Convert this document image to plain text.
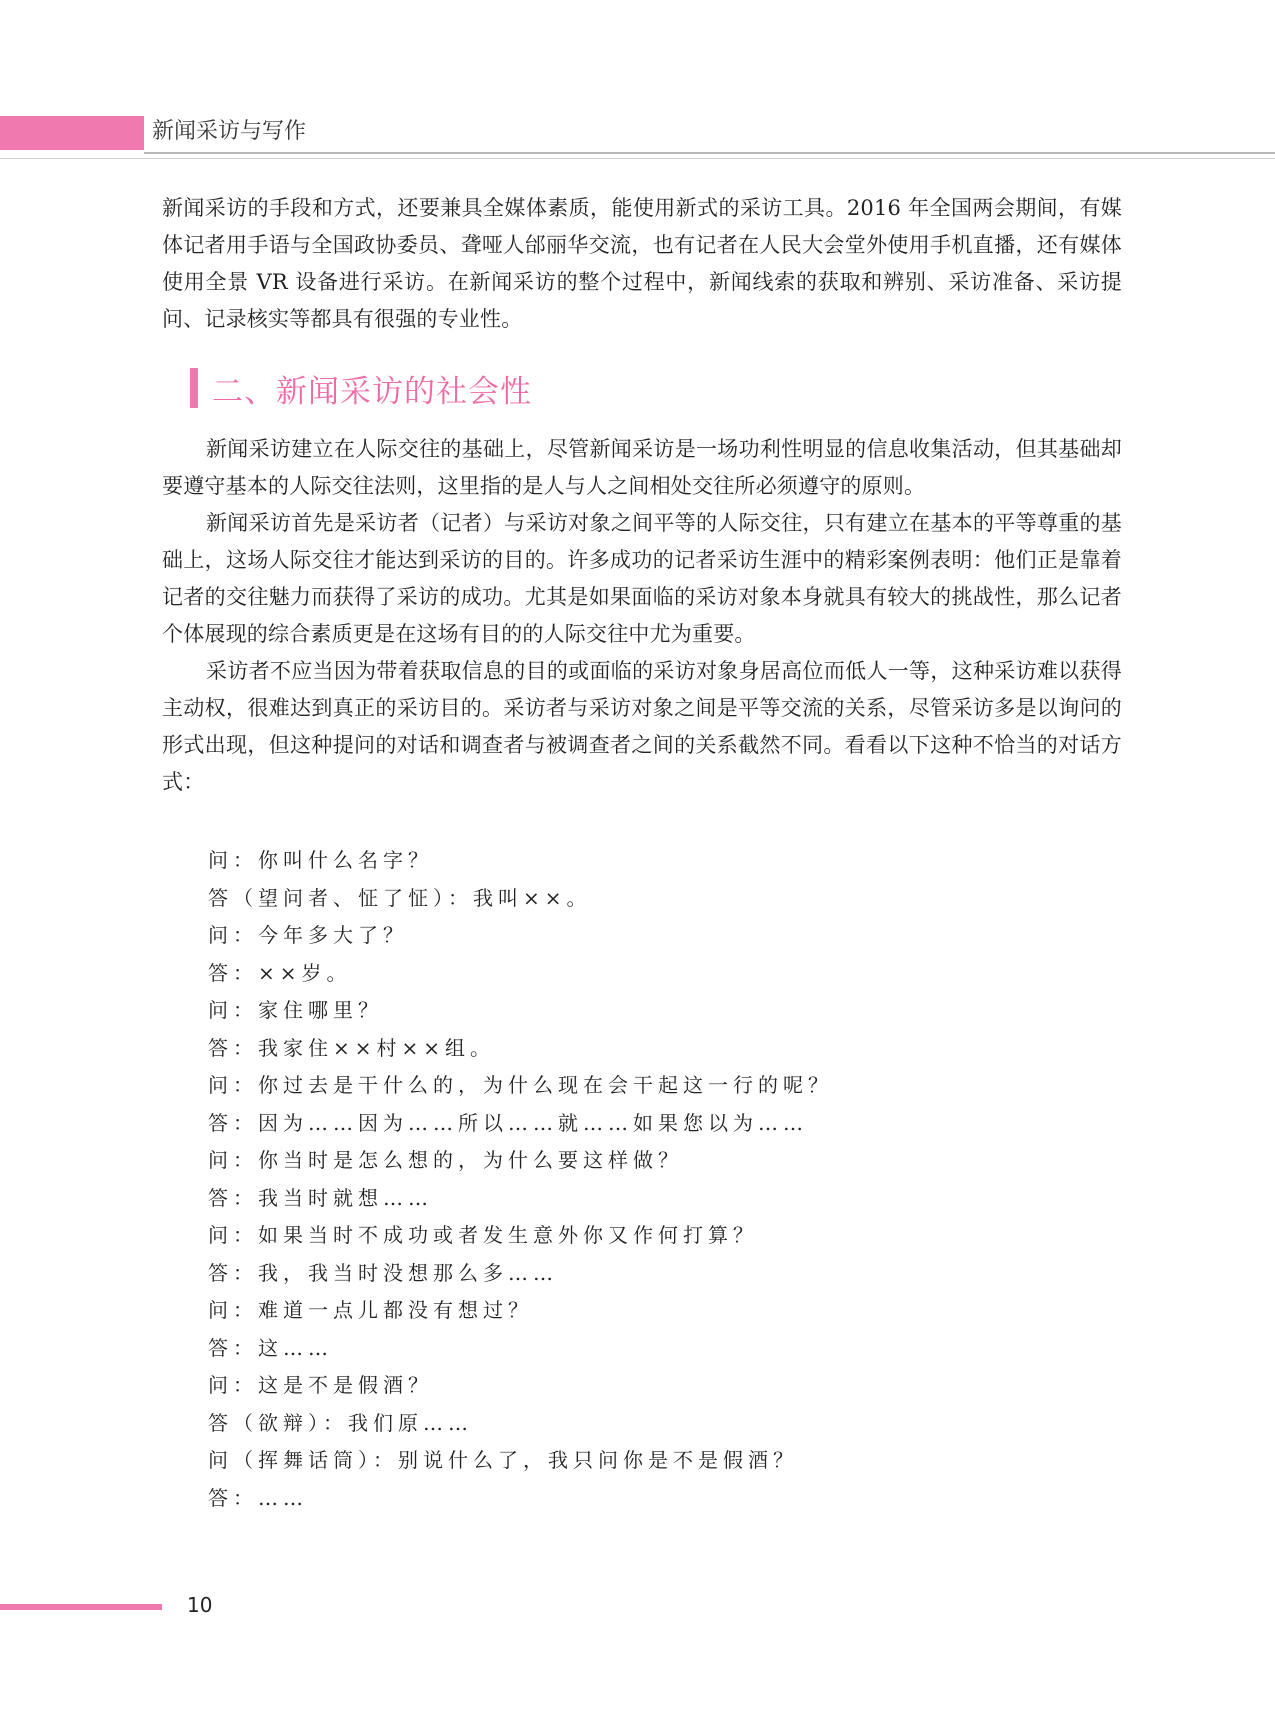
新闻采访与写作

新闻采访的手段和方式，还要兼具全媒体素质，能使用新式的采访工具。2016 年全国两会期间，有媒体记者用手语与全国政协委员、聋哑人邰丽华交流，也有记者在人民大会堂外使用手机直播，还有媒体使用全景 VR 设备进行采访。在新闻采访的整个过程中，新闻线索的获取和辨别、采访准备、采访提问、记录核实等都具有很强的专业性。

二、新闻采访的社会性

新闻采访建立在人际交往的基础上，尽管新闻采访是一场功利性明显的信息收集活动，但其基础却要遵守基本的人际交往法则，这里指的是人与人之间相处交往所必须遵守的原则。

新闻采访首先是采访者（记者）与采访对象之间平等的人际交往，只有建立在基本的平等尊重的基础上，这场人际交往才能达到采访的目的。许多成功的记者采访生涯中的精彩案例表明：他们正是靠着记者的交往魅力而获得了采访的成功。尤其是如果面临的采访对象本身就具有较大的挑战性，那么记者个体展现的综合素质更是在这场有目的的人际交往中尤为重要。

采访者不应当因为带着获取信息的目的或面临的采访对象身居高位而低人一等，这种采访难以获得主动权，很难达到真正的采访目的。采访者与采访对象之间是平等交流的关系，尽管采访多是以询问的形式出现，但这种提问的对话和调查者与被调查者之间的关系截然不同。看看以下这种不恰当的对话方式：

问：你叫什么名字？
答（望问者、怔了怔）：我叫××。
问：今年多大了？
答：××岁。
问：家住哪里？
答：我家住××村××组。
问：你过去是干什么的，为什么现在会干起这一行的呢？
答：因为……因为……所以……就……如果您以为……
问：你当时是怎么想的，为什么要这样做？
答：我当时就想……
问：如果当时不成功或者发生意外你又作何打算？
答：我，我当时没想那么多……
问：难道一点儿都没有想过？
答：这……
问：这是不是假酒？
答（欲辩）：我们原……
问（挥舞话筒）：别说什么了，我只问你是不是假酒？
答：……
10
